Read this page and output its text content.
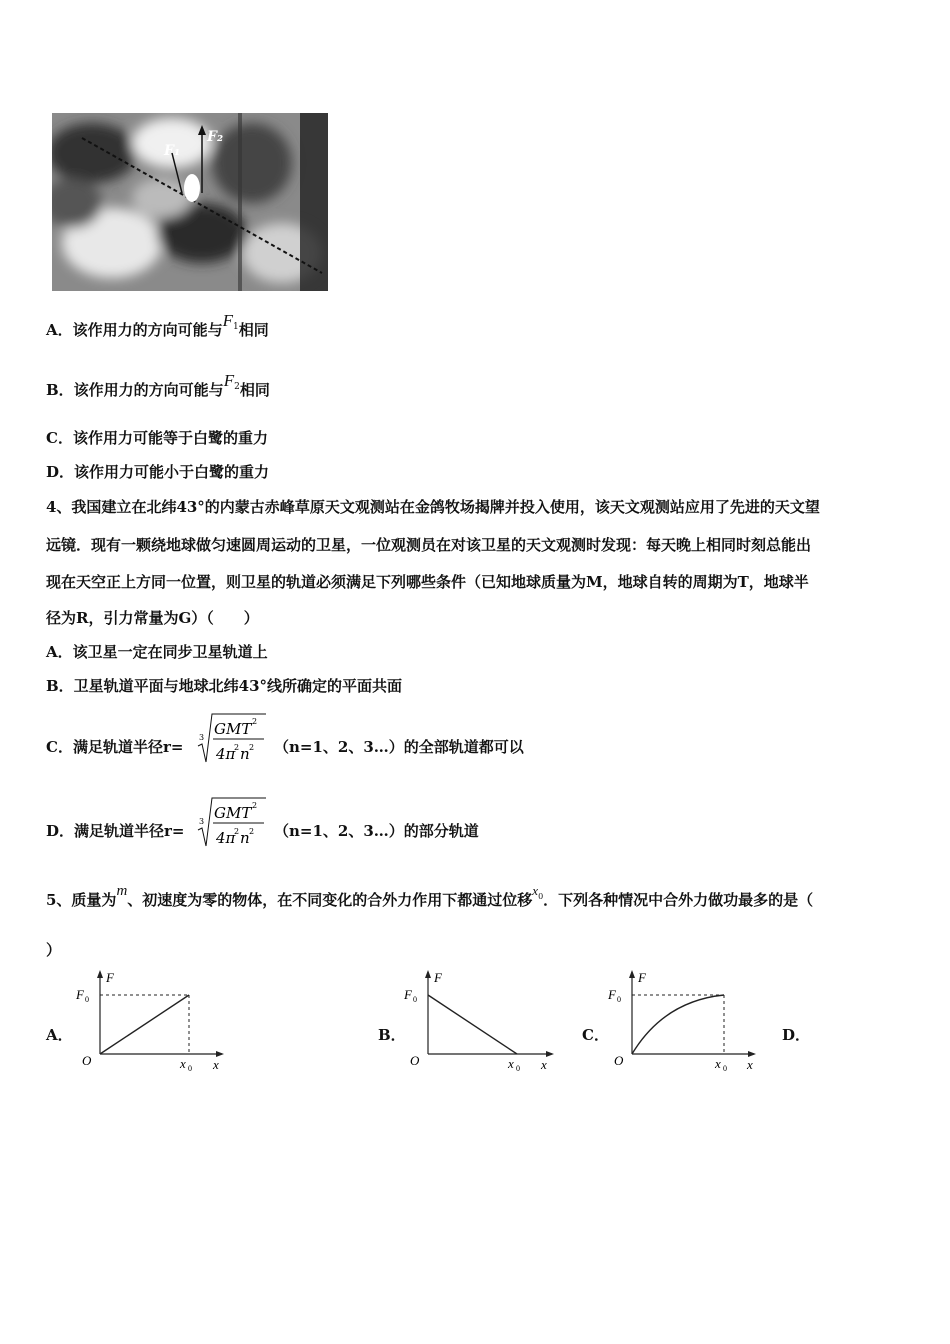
F₁
F₂
A．该作用力的方向可能与$F^1$相同
B．该作用力的方向可能与$F^2$相同
C．该作用力可能等于白鹭的重力
D．该作用力可能小于白鹭的重力
4、我国建立在北纬43°的内蒙古赤峰草原天文观测站在金鸽牧场揭牌并投入使用，该天文观测站应用了先进的天文望
远镜．现有一颗绕地球做匀速圆周运动的卫星，一位观测员在对该卫星的天文观测时发现：每天晚上相同时刻总能出
现在天空正上方同一位置，则卫星的轨道必须满足下列哪些条件（已知地球质量为M，地球自转的周期为T，地球半
径为R，引力常量为G）（　　）
A．该卫星一定在同步卫星轨道上
B．卫星轨道平面与地球北纬43°线所确定的平面共面
C．满足轨道半径r=
3 GMT 2
4π
2 n 2 （n=1、2、3…）的全部轨道都可以
D．满足轨道半径r=
3 GMT 2
4π
2 n 2 （n=1、2、3…）的部分轨道
5、质量为m、初速度为零的物体，在不同变化的合外力作用下都通过位移$x^0$．下列各种情况中合外力做功最多的是（
）
A．	B．	C．	D．
F
F 0
O	x 0 x
F
F 0
O	x 0 x
F
F 0
O	x 0 x
